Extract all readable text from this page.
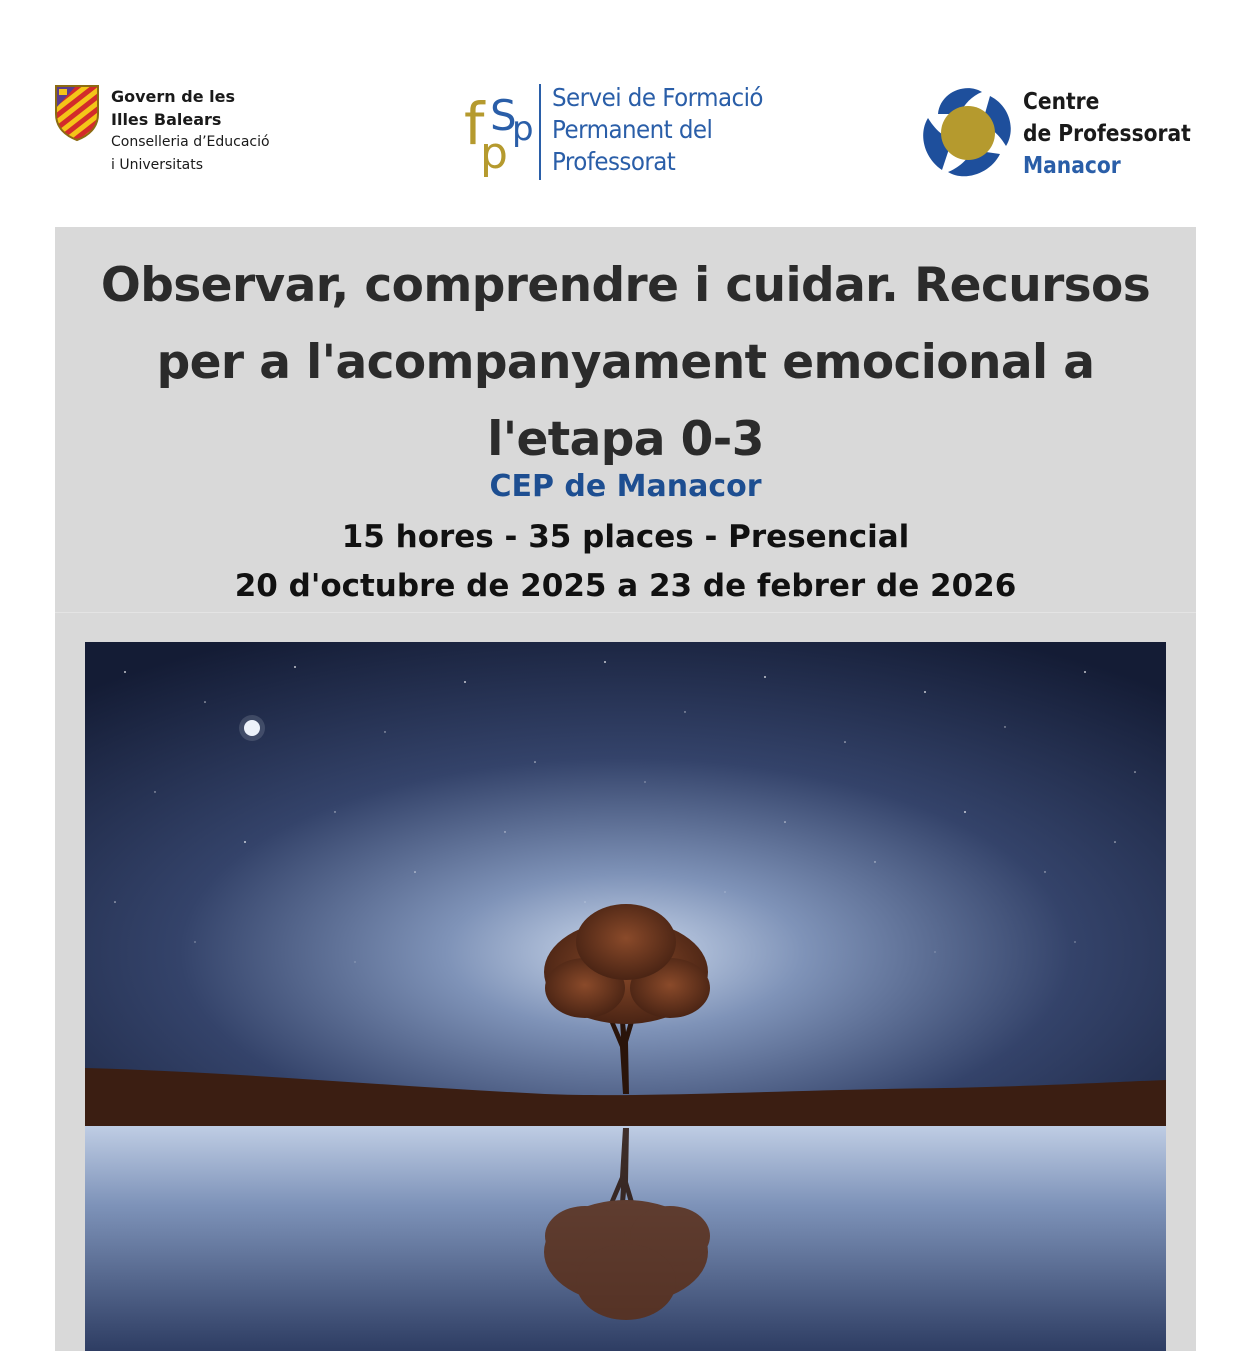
Govern de les
Illes Balears
Conselleria d’Educació
i Universitats
f S
p
p
Servei de Formació
Permanent del
Professorat
Centre
de Professorat
Manacor
Observar, comprendre i cuidar. Recursos
per a l'acompanyament emocional a
l'etapa 0-3
CEP de Manacor
15 hores - 35 places - Presencial
20 d'octubre de 2025 a 23 de febrer de 2026
